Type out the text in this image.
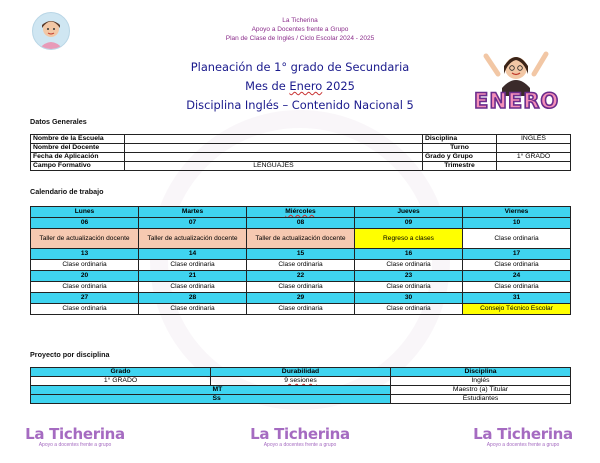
La Ticherina
Apoyo a Docentes frente a Grupo
Plan de Clase de Inglés / Ciclo Escolar 2024 - 2025
Planeación de 1° grado de Secundaria
Mes de Enero 2025
Disciplina Inglés – Contenido Nacional 5	ENERO
Datos Generales
Nombre de la Escuela		Disciplina	INGLÉS
Nombre del Docente		Turno	
Fecha de Aplicación		Grado y Grupo	1° GRADO
Campo Formativo	LENGUAJES	Trimestre	
Calendario de trabajo
Lunes	Martes	Miércoles	Jueves	Viernes
06	07	08	09	10
Taller de actualización docente	Taller de actualización docente	Taller de actualización docente	Regreso a clases	Clase ordinaria
13	14	15	16	17
Clase ordinaria	Clase ordinaria	Clase ordinaria	Clase ordinaria	Clase ordinaria
20	21	22	23	24
Clase ordinaria	Clase ordinaria	Clase ordinaria	Clase ordinaria	Clase ordinaria
27	28	29	30	31
Clase ordinaria	Clase ordinaria	Clase ordinaria	Clase ordinaria	Consejo Técnico Escolar
Proyecto por disciplina
Grado	Durabilidad	Disciplina
1° GRADO	9 sesiones	Inglés
	MT	Maestro (a) Titular
	Ss	Estudiantes
La Ticherina
Apoyo a docentes frente a grupo
La Ticherina
Apoyo a docentes frente a grupo
La Ticherina
Apoyo a docentes frente a grupo
